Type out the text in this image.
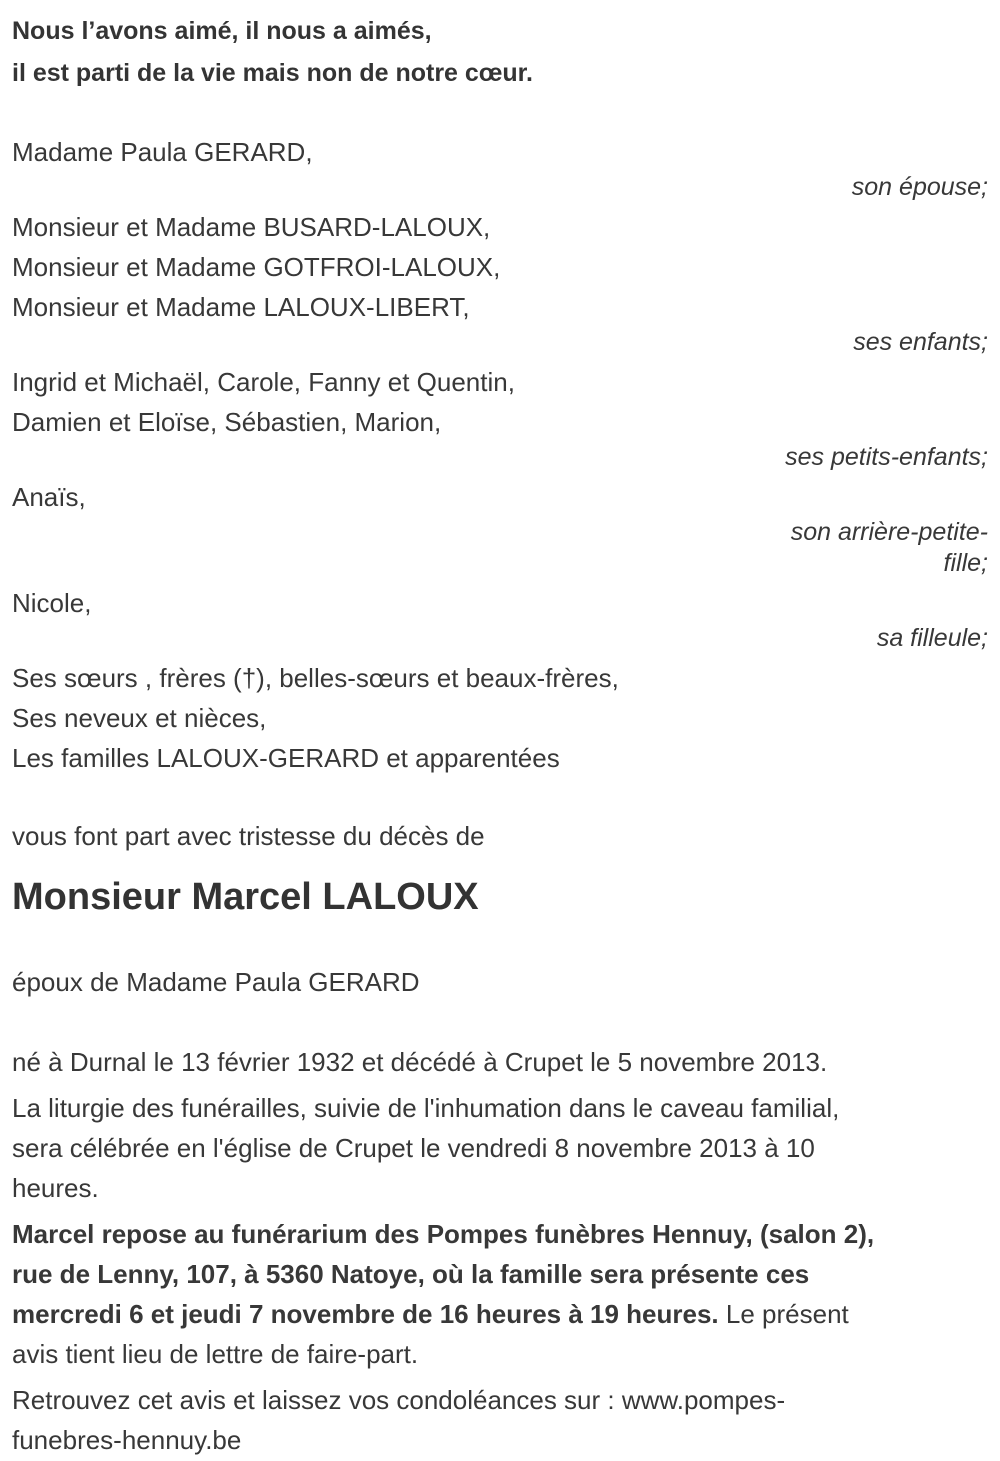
Nous l’avons aimé, il nous a aimés,
il est parti de la vie mais non de notre cœur.
Madame Paula GERARD,
son épouse;
Monsieur et Madame BUSARD-LALOUX,
Monsieur et Madame GOTFROI-LALOUX,
Monsieur et Madame LALOUX-LIBERT,
ses enfants;
Ingrid et Michaël, Carole, Fanny et Quentin,
Damien et Eloïse, Sébastien, Marion,
ses petits-enfants;
Anaïs,
son arrière-petite-
fille;
Nicole,
sa filleule;
Ses sœurs , frères (†), belles-sœurs et beaux-frères,
Ses neveux et nièces,
Les familles LALOUX-GERARD et apparentées
vous font part avec tristesse du décès de
Monsieur Marcel LALOUX
époux de Madame Paula GERARD
né à Durnal le 13 février 1932 et décédé à Crupet le 5 novembre 2013.
La liturgie des funérailles, suivie de l'inhumation dans le caveau familial,
sera célébrée en l'église de Crupet le vendredi 8 novembre 2013 à 10
heures.
Marcel repose au funérarium des Pompes funèbres Hennuy, (salon 2),
rue de Lenny, 107, à 5360 Natoye, où la famille sera présente ces
mercredi 6 et jeudi 7 novembre de 16 heures à 19 heures. Le présent
avis tient lieu de lettre de faire-part.
Retrouvez cet avis et laissez vos condoléances sur : www.pompes-
funebres-hennuy.be
